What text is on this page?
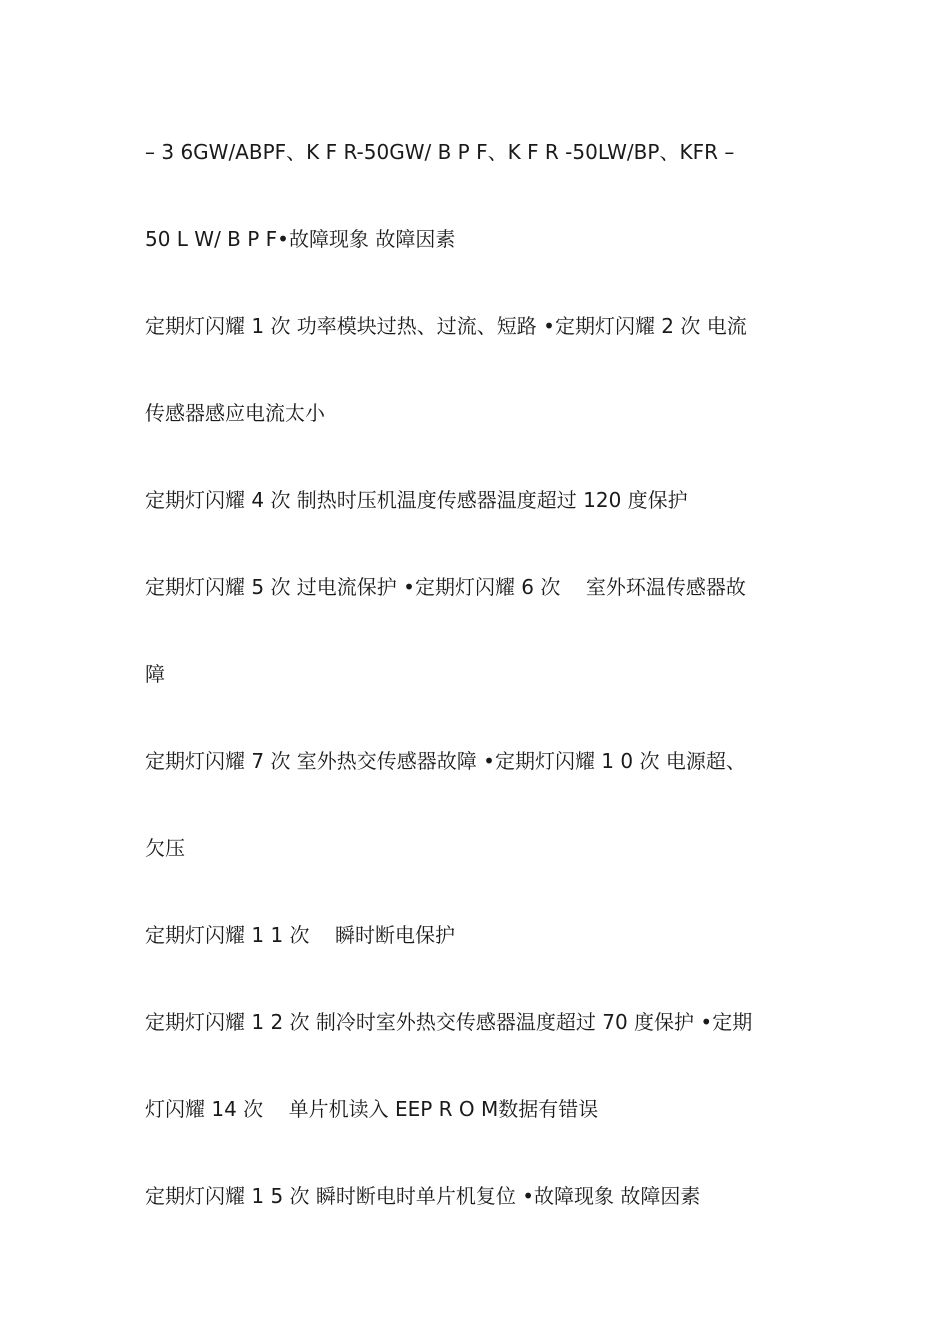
– 3 6GW/ABPF、K F R-50GW/ B P F、K F R -50LW/BP、KFR –
50 L W/ B P F•故障现象 故障因素
定期灯闪耀 1 次 功率模块过热、过流、短路 •定期灯闪耀 2 次 电流
传感器感应电流太小
定期灯闪耀 4 次 制热时压机温度传感器温度超过 120 度保护
定期灯闪耀 5 次 过电流保护 •定期灯闪耀 6 次    室外环温传感器故
障
定期灯闪耀 7 次 室外热交传感器故障 •定期灯闪耀 1 0 次 电源超、
欠压
定期灯闪耀 1 1 次    瞬时断电保护
定期灯闪耀 1 2 次 制冷时室外热交传感器温度超过 70 度保护 •定期
灯闪耀 14 次    单片机读入 EEP R O M数据有错误
定期灯闪耀 1 5 次 瞬时断电时单片机复位 •故障现象 故障因素
